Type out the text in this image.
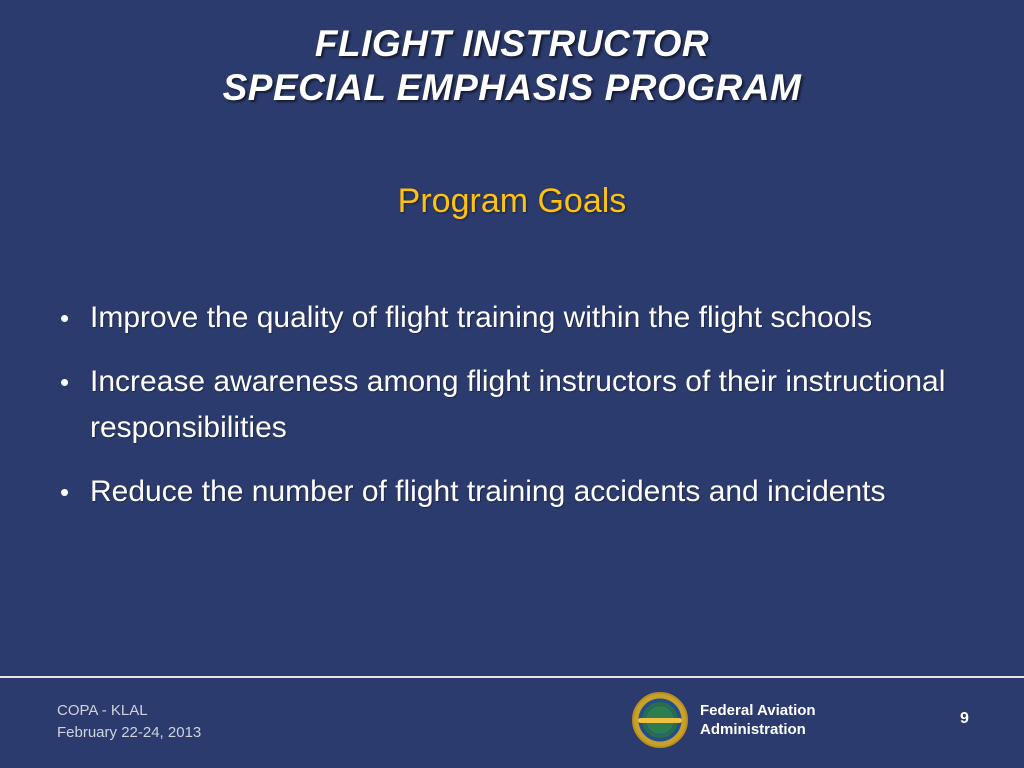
FLIGHT INSTRUCTOR
SPECIAL EMPHASIS PROGRAM
Program Goals
• Improve the quality of flight training within the flight schools
• Increase awareness among flight instructors of their instructional responsibilities
• Reduce the number of flight training accidents and incidents
COPA - KLAL
February 22-24, 2013
Federal Aviation
Administration
9
